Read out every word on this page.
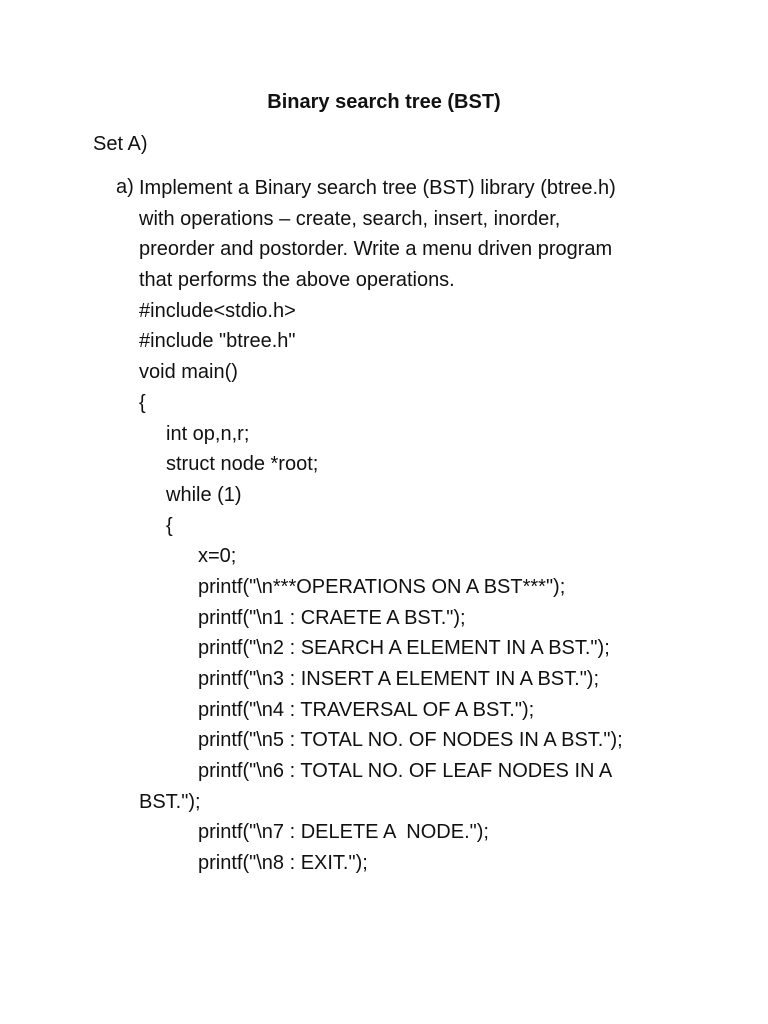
Binary search tree (BST)
Set A)
a) Implement a Binary search tree (BST) library (btree.h)
with operations – create, search, insert, inorder,
preorder and postorder. Write a menu driven program
that performs the above operations.
#include<stdio.h>
#include "btree.h"
void main()
{
int op,n,r;
struct node *root;
while (1)
{
x=0;
printf("\n***OPERATIONS ON A BST***");
printf("\n1 : CRAETE A BST.");
printf("\n2 : SEARCH A ELEMENT IN A BST.");
printf("\n3 : INSERT A ELEMENT IN A BST.");
printf("\n4 : TRAVERSAL OF A BST.");
printf("\n5 : TOTAL NO. OF NODES IN A BST.");
printf("\n6 : TOTAL NO. OF LEAF NODES IN A
BST.");
printf("\n7 : DELETE A  NODE.");
printf("\n8 : EXIT.");
